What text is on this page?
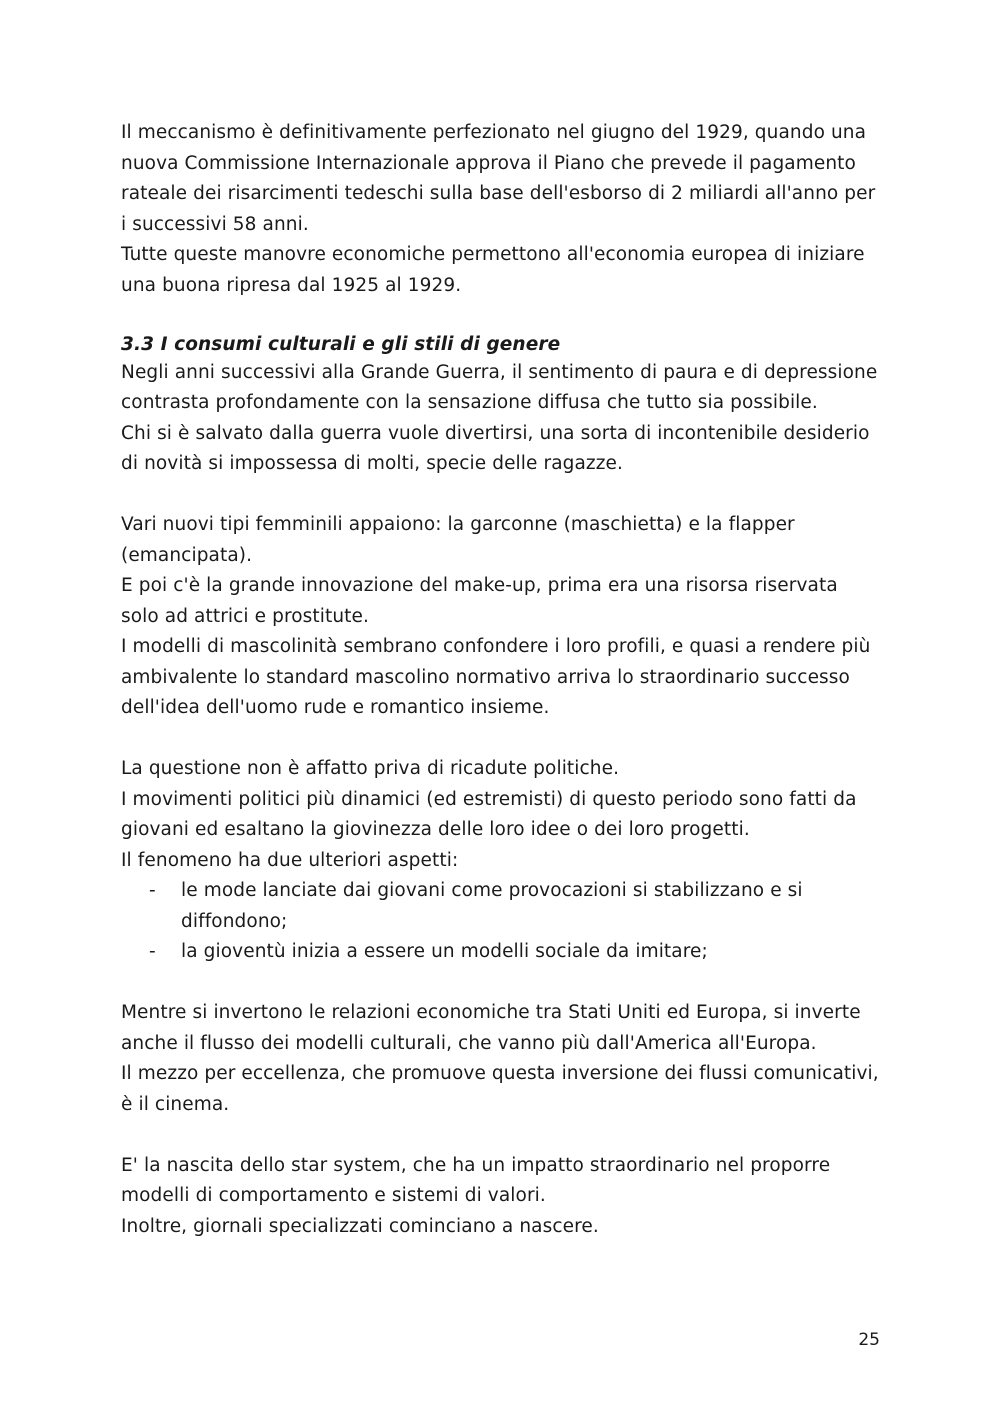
Il meccanismo è definitivamente perfezionato nel giugno del 1929, quando una nuova Commissione Internazionale approva il Piano che prevede il pagamento rateale dei risarcimenti tedeschi sulla base dell'esborso di 2 miliardi all'anno per i successivi 58 anni.

Tutte queste manovre economiche permettono all'economia europea di iniziare una buona ripresa dal 1925 al 1929.

3.3 I consumi culturali e gli stili di genere

Negli anni successivi alla Grande Guerra, il sentimento di paura e di depressione contrasta profondamente con la sensazione diffusa che tutto sia possibile.

Chi si è salvato dalla guerra vuole divertirsi, una sorta di incontenibile desiderio di novità si impossessa di molti, specie delle ragazze.

Vari nuovi tipi femminili appaiono: la garconne (maschietta) e la flapper (emancipata).

E poi c'è la grande innovazione del make-up, prima era una risorsa riservata solo ad attrici e prostitute.

I modelli di mascolinità sembrano confondere i loro profili, e quasi a rendere più ambivalente lo standard mascolino normativo arriva lo straordinario successo dell'idea dell'uomo rude e romantico insieme.

La questione non è affatto priva di ricadute politiche.

I movimenti politici più dinamici (ed estremisti) di questo periodo sono fatti da giovani ed esaltano la giovinezza delle loro idee o dei loro progetti.

Il fenomeno ha due ulteriori aspetti:

- le mode lanciate dai giovani come provocazioni si stabilizzano e si diffondono;
- la gioventù inizia a essere un modelli sociale da imitare;

Mentre si invertono le relazioni economiche tra Stati Uniti ed Europa, si inverte anche il flusso dei modelli culturali, che vanno più dall'America all'Europa.

Il mezzo per eccellenza, che promuove questa inversione dei flussi comunicativi, è il cinema.

E' la nascita dello star system, che ha un impatto straordinario nel proporre modelli di comportamento e sistemi di valori.

Inoltre, giornali specializzati cominciano a nascere.

25
